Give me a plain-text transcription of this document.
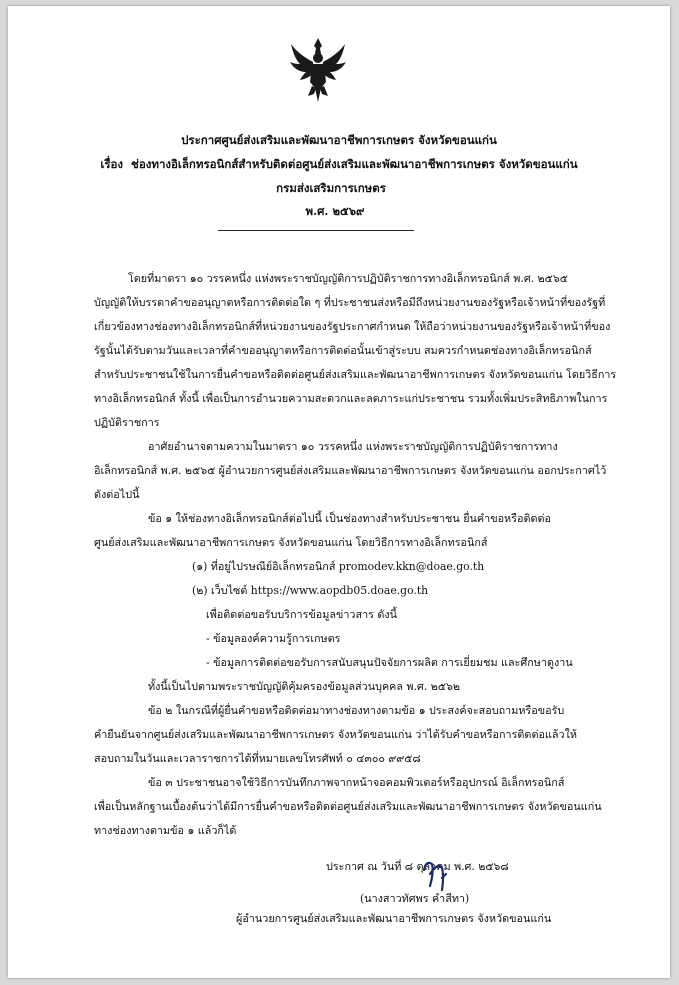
ประกาศศูนย์ส่งเสริมและพัฒนาอาชีพการเกษตร จังหวัดขอนแก่น
เรื่อง ช่องทางอิเล็กทรอนิกส์สำหรับติดต่อศูนย์ส่งเสริมและพัฒนาอาชีพการเกษตร จังหวัดขอนแก่น
กรมส่งเสริมการเกษตร
พ.ศ. ๒๕๖๙
โดยที่มาตรา ๑๐ วรรคหนึ่ง แห่งพระราชบัญญัติการปฏิบัติราชการทางอิเล็กทรอนิกส์ พ.ศ. ๒๕๖๕
บัญญัติให้บรรดาคำขออนุญาตหรือการติดต่อใด ๆ ที่ประชาชนส่งหรือมีถึงหน่วยงานของรัฐหรือเจ้าหน้าที่ของรัฐที่
เกี่ยวข้องทางช่องทางอิเล็กทรอนิกส์ที่หน่วยงานของรัฐประกาศกำหนด ให้ถือว่าหน่วยงานของรัฐหรือเจ้าหน้าที่ของ
รัฐนั้นได้รับตามวันและเวลาที่คำขออนุญาตหรือการติดต่อนั้นเข้าสู่ระบบ สมควรกำหนดช่องทางอิเล็กทรอนิกส์
สำหรับประชาชนใช้ในการยื่นคำขอหรือติดต่อศูนย์ส่งเสริมและพัฒนาอาชีพการเกษตร จังหวัดขอนแก่น โดยวิธีการ
ทางอิเล็กทรอนิกส์ ทั้งนี้ เพื่อเป็นการอำนวยความสะดวกและลดภาระแก่ประชาชน รวมทั้งเพิ่มประสิทธิภาพในการ
ปฏิบัติราชการ
อาศัยอำนาจตามความในมาตรา ๑๐ วรรคหนึ่ง แห่งพระราชบัญญัติการปฏิบัติราชการทาง
อิเล็กทรอนิกส์ พ.ศ. ๒๕๖๕ ผู้อำนวยการศูนย์ส่งเสริมและพัฒนาอาชีพการเกษตร จังหวัดขอนแก่น ออกประกาศไว้
ดังต่อไปนี้
ข้อ ๑ ให้ช่องทางอิเล็กทรอนิกส์ต่อไปนี้ เป็นช่องทางสำหรับประชาชน ยื่นคำขอหรือติดต่อ
ศูนย์ส่งเสริมและพัฒนาอาชีพการเกษตร จังหวัดขอนแก่น โดยวิธีการทางอิเล็กทรอนิกส์
(๑) ที่อยู่ไปรษณีย์อิเล็กทรอนิกส์ promodev.kkn@doae.go.th
(๒) เว็บไซต์ https://www.aopdb05.doae.go.th
เพื่อติดต่อขอรับบริการข้อมูลข่าวสาร ดังนี้
- ข้อมูลองค์ความรู้การเกษตร
- ข้อมูลการติดต่อขอรับการสนับสนุนปัจจัยการผลิต การเยี่ยมชม และศึกษาดูงาน
ทั้งนี้เป็นไปตามพระราชบัญญัติคุ้มครองข้อมูลส่วนบุคคล พ.ศ. ๒๕๖๒
ข้อ ๒ ในกรณีที่ผู้ยื่นคำขอหรือติดต่อมาทางช่องทางตามข้อ ๑ ประสงค์จะสอบถามหรือขอรับ
คำยืนยันจากศูนย์ส่งเสริมและพัฒนาอาชีพการเกษตร จังหวัดขอนแก่น ว่าได้รับคำขอหรือการติดต่อแล้วให้
สอบถามในวันและเวลาราชการได้ที่หมายเลขโทรศัพท์ ๐ ๔๓๐๐ ๙๙๕๘
ข้อ ๓ ประชาชนอาจใช้วิธีการบันทึกภาพจากหน้าจอคอมพิวเตอร์หรืออุปกรณ์ อิเล็กทรอนิกส์
เพื่อเป็นหลักฐานเบื้องต้นว่าได้มีการยื่นคำขอหรือติดต่อศูนย์ส่งเสริมและพัฒนาอาชีพการเกษตร จังหวัดขอนแก่น
ทางช่องทางตามข้อ ๑ แล้วก็ได้
ประกาศ ณ วันที่ ๘ ตุลาคม พ.ศ. ๒๕๖๘
(นางสาวทัศพร คำสีทา)
ผู้อำนวยการศูนย์ส่งเสริมและพัฒนาอาชีพการเกษตร จังหวัดขอนแก่น
